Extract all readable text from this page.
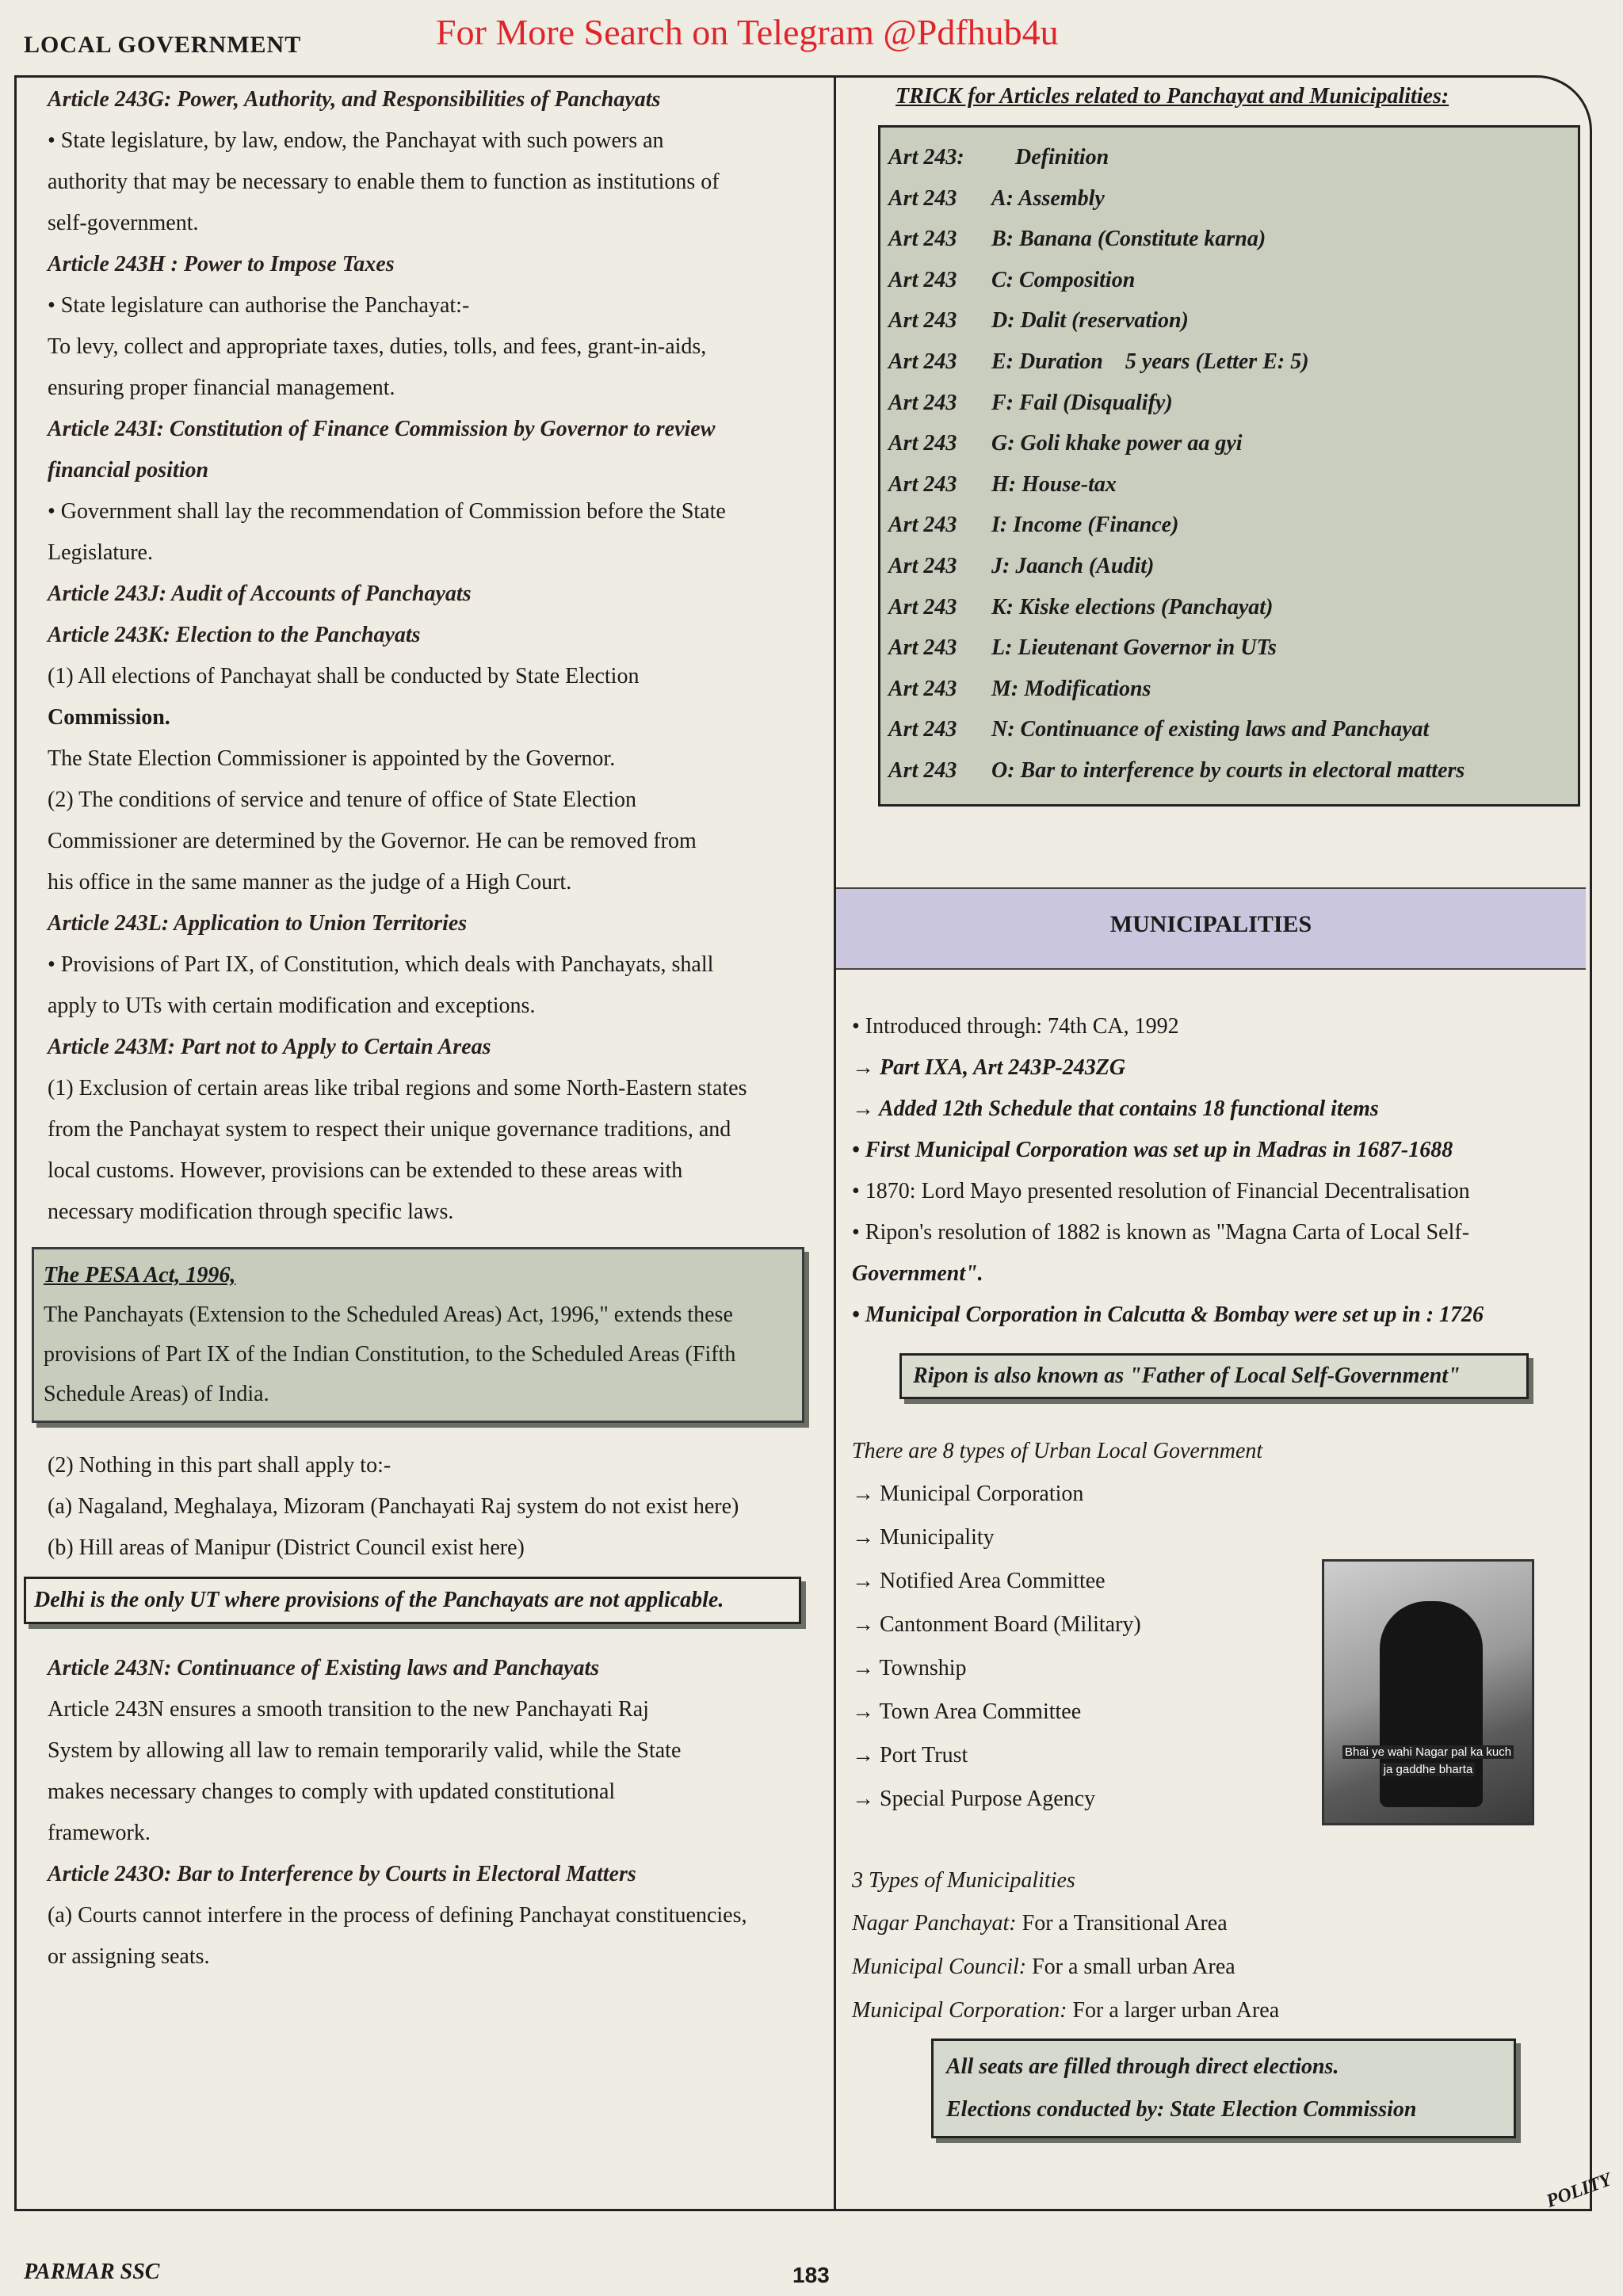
LOCAL GOVERNMENT	For More Search on Telegram @Pdfhub4u
Article 243G: Power, Authority, and Responsibilities of Panchayats
• State legislature, by law, endow, the Panchayat with such powers an
authority that may be necessary to enable them to function as institutions of
self-government.
Article 243H : Power to Impose Taxes
• State legislature can authorise the Panchayat:-
To levy, collect and appropriate taxes, duties, tolls, and fees, grant-in-aids,
ensuring proper financial management.
Article 243I: Constitution of Finance Commission by Governor to review
financial position
• Government shall lay the recommendation of Commission before the State
Legislature.
Article 243J: Audit of Accounts of Panchayats
Article 243K: Election to the Panchayats
(1) All elections of Panchayat shall be conducted by State Election
Commission.
The State Election Commissioner is appointed by the Governor.
(2) The conditions of service and tenure of office of State Election
Commissioner are determined by the Governor. He can be removed from
his office in the same manner as the judge of a High Court.
Article 243L: Application to Union Territories
• Provisions of Part IX, of Constitution, which deals with Panchayats, shall
apply to UTs with certain modification and exceptions.
Article 243M: Part not to Apply to Certain Areas
(1) Exclusion of certain areas like tribal regions and some North-Eastern states
from the Panchayat system to respect their unique governance traditions, and
local customs. However, provisions can be extended to these areas with
necessary modification through specific laws.
The PESA Act, 1996,
The Panchayats (Extension to the Scheduled Areas) Act, 1996," extends these
provisions of Part IX of the Indian Constitution, to the Scheduled Areas (Fifth
Schedule Areas) of India.
(2) Nothing in this part shall apply to:-
(a) Nagaland, Meghalaya, Mizoram (Panchayati Raj system do not exist here)
(b) Hill areas of Manipur (District Council exist here)
Delhi is the only UT where provisions of the Panchayats are not applicable.
Article 243N: Continuance of Existing laws and Panchayats
Article 243N ensures a smooth transition to the new Panchayati Raj
System by allowing all law to remain temporarily valid, while the State
makes necessary changes to comply with updated constitutional
framework.
Article 243O: Bar to Interference by Courts in Electoral Matters
(a) Courts cannot interfere in the process of defining Panchayat constituencies,
or assigning seats.
TRICK for Articles related to Panchayat and Municipalities:
Art 243:	Definition
Art 243	A: Assembly
Art 243	B: Banana (Constitute karna)
Art 243	C: Composition
Art 243	D: Dalit (reservation)
Art 243	E: Duration    5 years (Letter E: 5)
Art 243	F: Fail (Disqualify)
Art 243	G: Goli khake power aa gyi
Art 243	H: House-tax
Art 243	I: Income (Finance)
Art 243	J: Jaanch (Audit)
Art 243	K: Kiske elections (Panchayat)
Art 243	L: Lieutenant Governor in UTs
Art 243	M: Modifications
Art 243	N: Continuance of existing laws and Panchayat
Art 243	O: Bar to interference by courts in electoral matters
MUNICIPALITIES
• Introduced through: 74th CA, 1992
→ Part IXA, Art 243P-243ZG
→ Added 12th Schedule that contains 18 functional items
• First Municipal Corporation was set up in Madras in 1687-1688
• 1870: Lord Mayo presented resolution of Financial Decentralisation
• Ripon's resolution of 1882 is known as "Magna Carta of Local Self-
Government".
• Municipal Corporation in Calcutta & Bombay were set up in : 1726
Ripon is also known as "Father of Local Self-Government"
There are 8 types of Urban Local Government
→ Municipal Corporation
→ Municipality
→ Notified Area Committee
→ Cantonment Board (Military)
→ Township
→ Town Area Committee
→ Port Trust
→ Special Purpose Agency
3 Types of Municipalities
Nagar Panchayat: For a Transitional Area
Municipal Council: For a small urban Area
Municipal Corporation: For a larger urban Area
All seats are filled through direct elections.
Elections conducted by: State Election Commission
Bhai ye wahi Nagar pal ka kuch
ja gaddhe bharta
PARMAR SSC	183
POLITY
